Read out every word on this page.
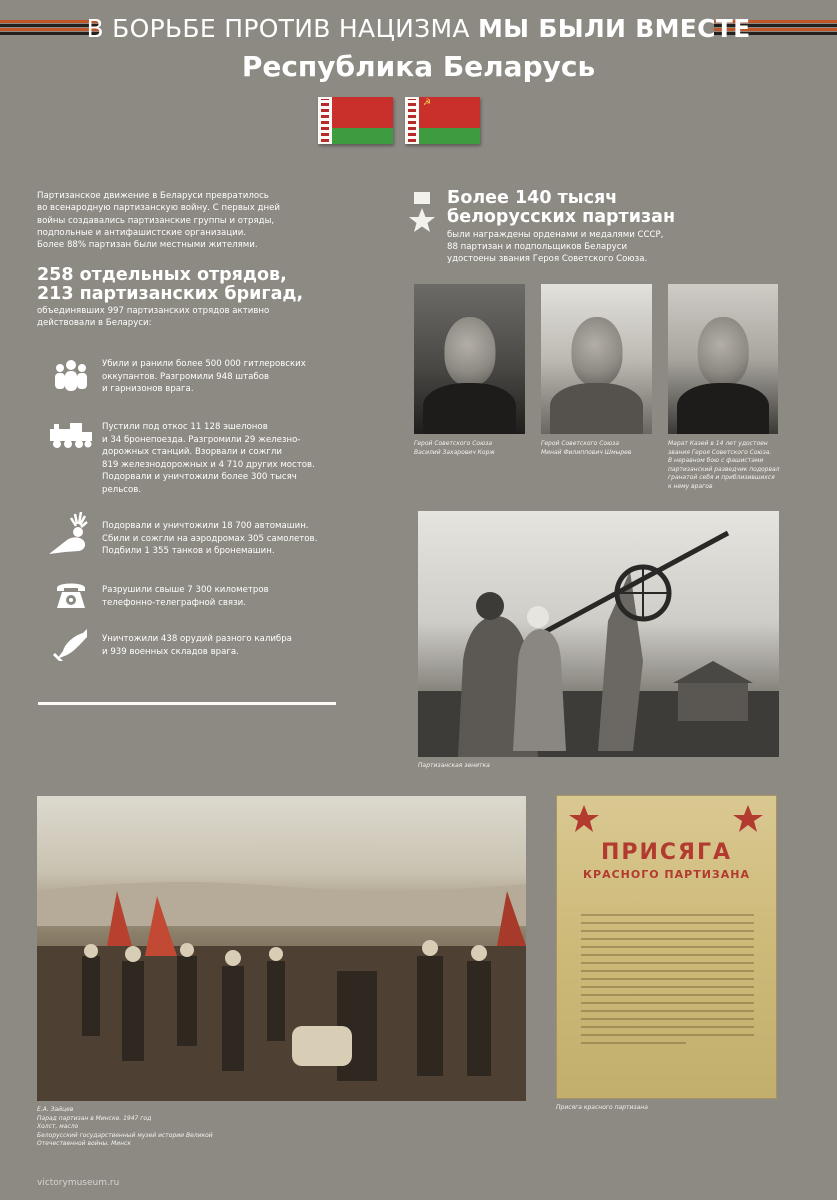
В БОРЬБЕ ПРОТИВ НАЦИЗМА МЫ БЫЛИ ВМЕСТЕ
Республика Беларусь
☭
Партизанское движение в Беларуси превратилось
во всенародную партизанскую войну. С первых дней
войны создавались партизанские группы и отряды,
подпольные и антифашистские организации.
Более 88% партизан были местными жителями.
258 отдельных отрядов,
213 партизанских бригад,
объединявших 997 партизанских отрядов активно
действовали в Беларуси:
Убили и ранили более 500 000 гитлеровских
оккупантов. Разгромили 948 штабов
и гарнизонов врага.
Пустили под откос 11 128 эшелонов
и 34 бронепоезда. Разгромили 29 железно-
дорожных станций. Взорвали и сожгли
819 железнодорожных и 4 710 других мостов.
Подорвали и уничтожили более 300 тысяч
рельсов.
Подорвали и уничтожили 18 700 автомашин.
Сбили и сожгли на аэродромах 305 самолетов.
Подбили 1 355 танков и бронемашин.
Разрушили свыше 7 300 километров
телефонно-телеграфной связи.
Уничтожили 438 орудий разного калибра
и 939 военных складов врага.
Более 140 тысяч
белорусских партизан
были награждены орденами и медалями СССР,
88 партизан и подпольщиков Беларуси
удостоены звания Героя Советского Союза.
Герой Советского Союза
Василий Захарович Корж
Герой Советского Союза
Минай Филиппович Шмырев
Марат Казей в 14 лет удостоен
звания Героя Советского Союза.
В неравном бою с фашистами
партизанский разведчик подорвал
гранатой себя и приблизившихся
к нему врагов
Партизанская зенитка
Е.А. Зайцев
Парад партизан в Минске. 1947 год
Холст, масло
Белорусский государственный музей истории Великой
Отечественной войны. Минск
ПРИСЯГА
КРАСНОГО ПАРТИЗАНА
Присяга красного партизана
victorymuseum.ru
